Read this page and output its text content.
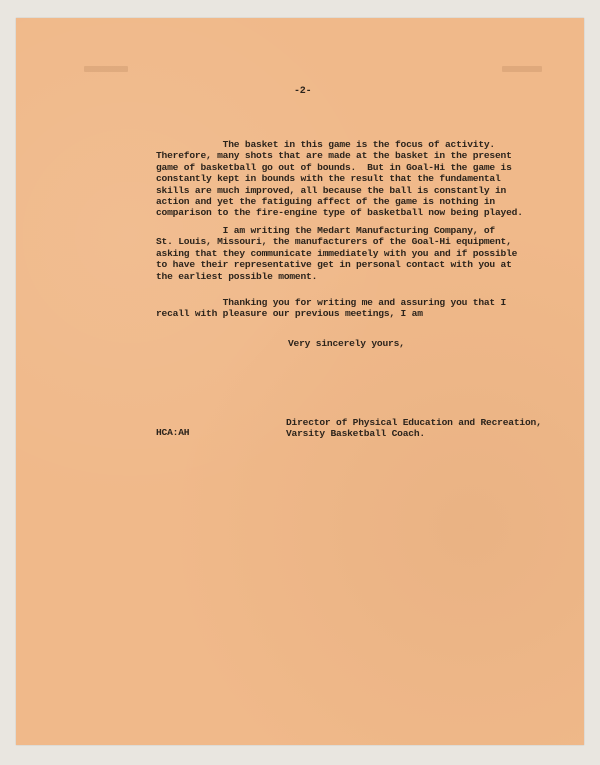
-2-

The basket in this game is the focus of activity.
Therefore, many shots that are made at the basket in the present
game of basketball go out of bounds.  But in Goal-Hi the game is
constantly kept in bounds with the result that the fundamental
skills are much improved, all because the ball is constantly in
action and yet the fatiguing affect of the game is nothing in
comparison to the fire-engine type of basketball now being played.

I am writing the Medart Manufacturing Company, of
St. Louis, Missouri, the manufacturers of the Goal-Hi equipment,
asking that they communicate immediately with you and if possible
to have their representative get in personal contact with you at
the earliest possible moment.

Thanking you for writing me and assuring you that I
recall with pleasure our previous meetings, I am

Very sincerely yours,

HCA:AH

Director of Physical Education and Recreation,
Varsity Basketball Coach.
